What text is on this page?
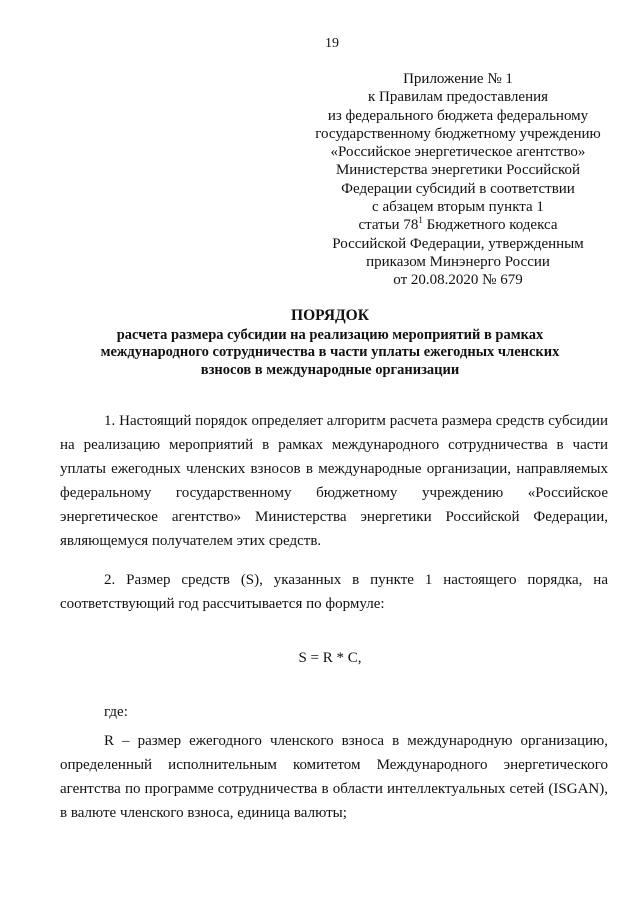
19
Приложение № 1
к Правилам предоставления
из федерального бюджета федеральному
государственному бюджетному учреждению
«Российское энергетическое агентство»
Министерства энергетики Российской
Федерации субсидий в соответствии
с абзацем вторым пункта 1
статьи $78^1$ Бюджетного кодекса
Российской Федерации, утвержденным
приказом Минэнерго России
от 20.08.2020 № 679
ПОРЯДОК
расчета размера субсидии на реализацию мероприятий в рамках
международного сотрудничества в части уплаты ежегодных членских
взносов в международные организации
1. Настоящий порядок определяет алгоритм расчета размера средств субсидии на реализацию мероприятий в рамках международного сотрудничества в части уплаты ежегодных членских взносов в международные организации, направляемых федеральному государственному бюджетному учреждению «Российское энергетическое агентство» Министерства энергетики Российской Федерации, являющемуся получателем этих средств.
2. Размер средств (S), указанных в пункте 1 настоящего порядка, на соответствующий год рассчитывается по формуле:
S = R * C,
где:
R – размер ежегодного членского взноса в международную организацию, определенный исполнительным комитетом Международного энергетического агентства по программе сотрудничества в области интеллектуальных сетей (ISGAN), в валюте членского взноса, единица валюты;
